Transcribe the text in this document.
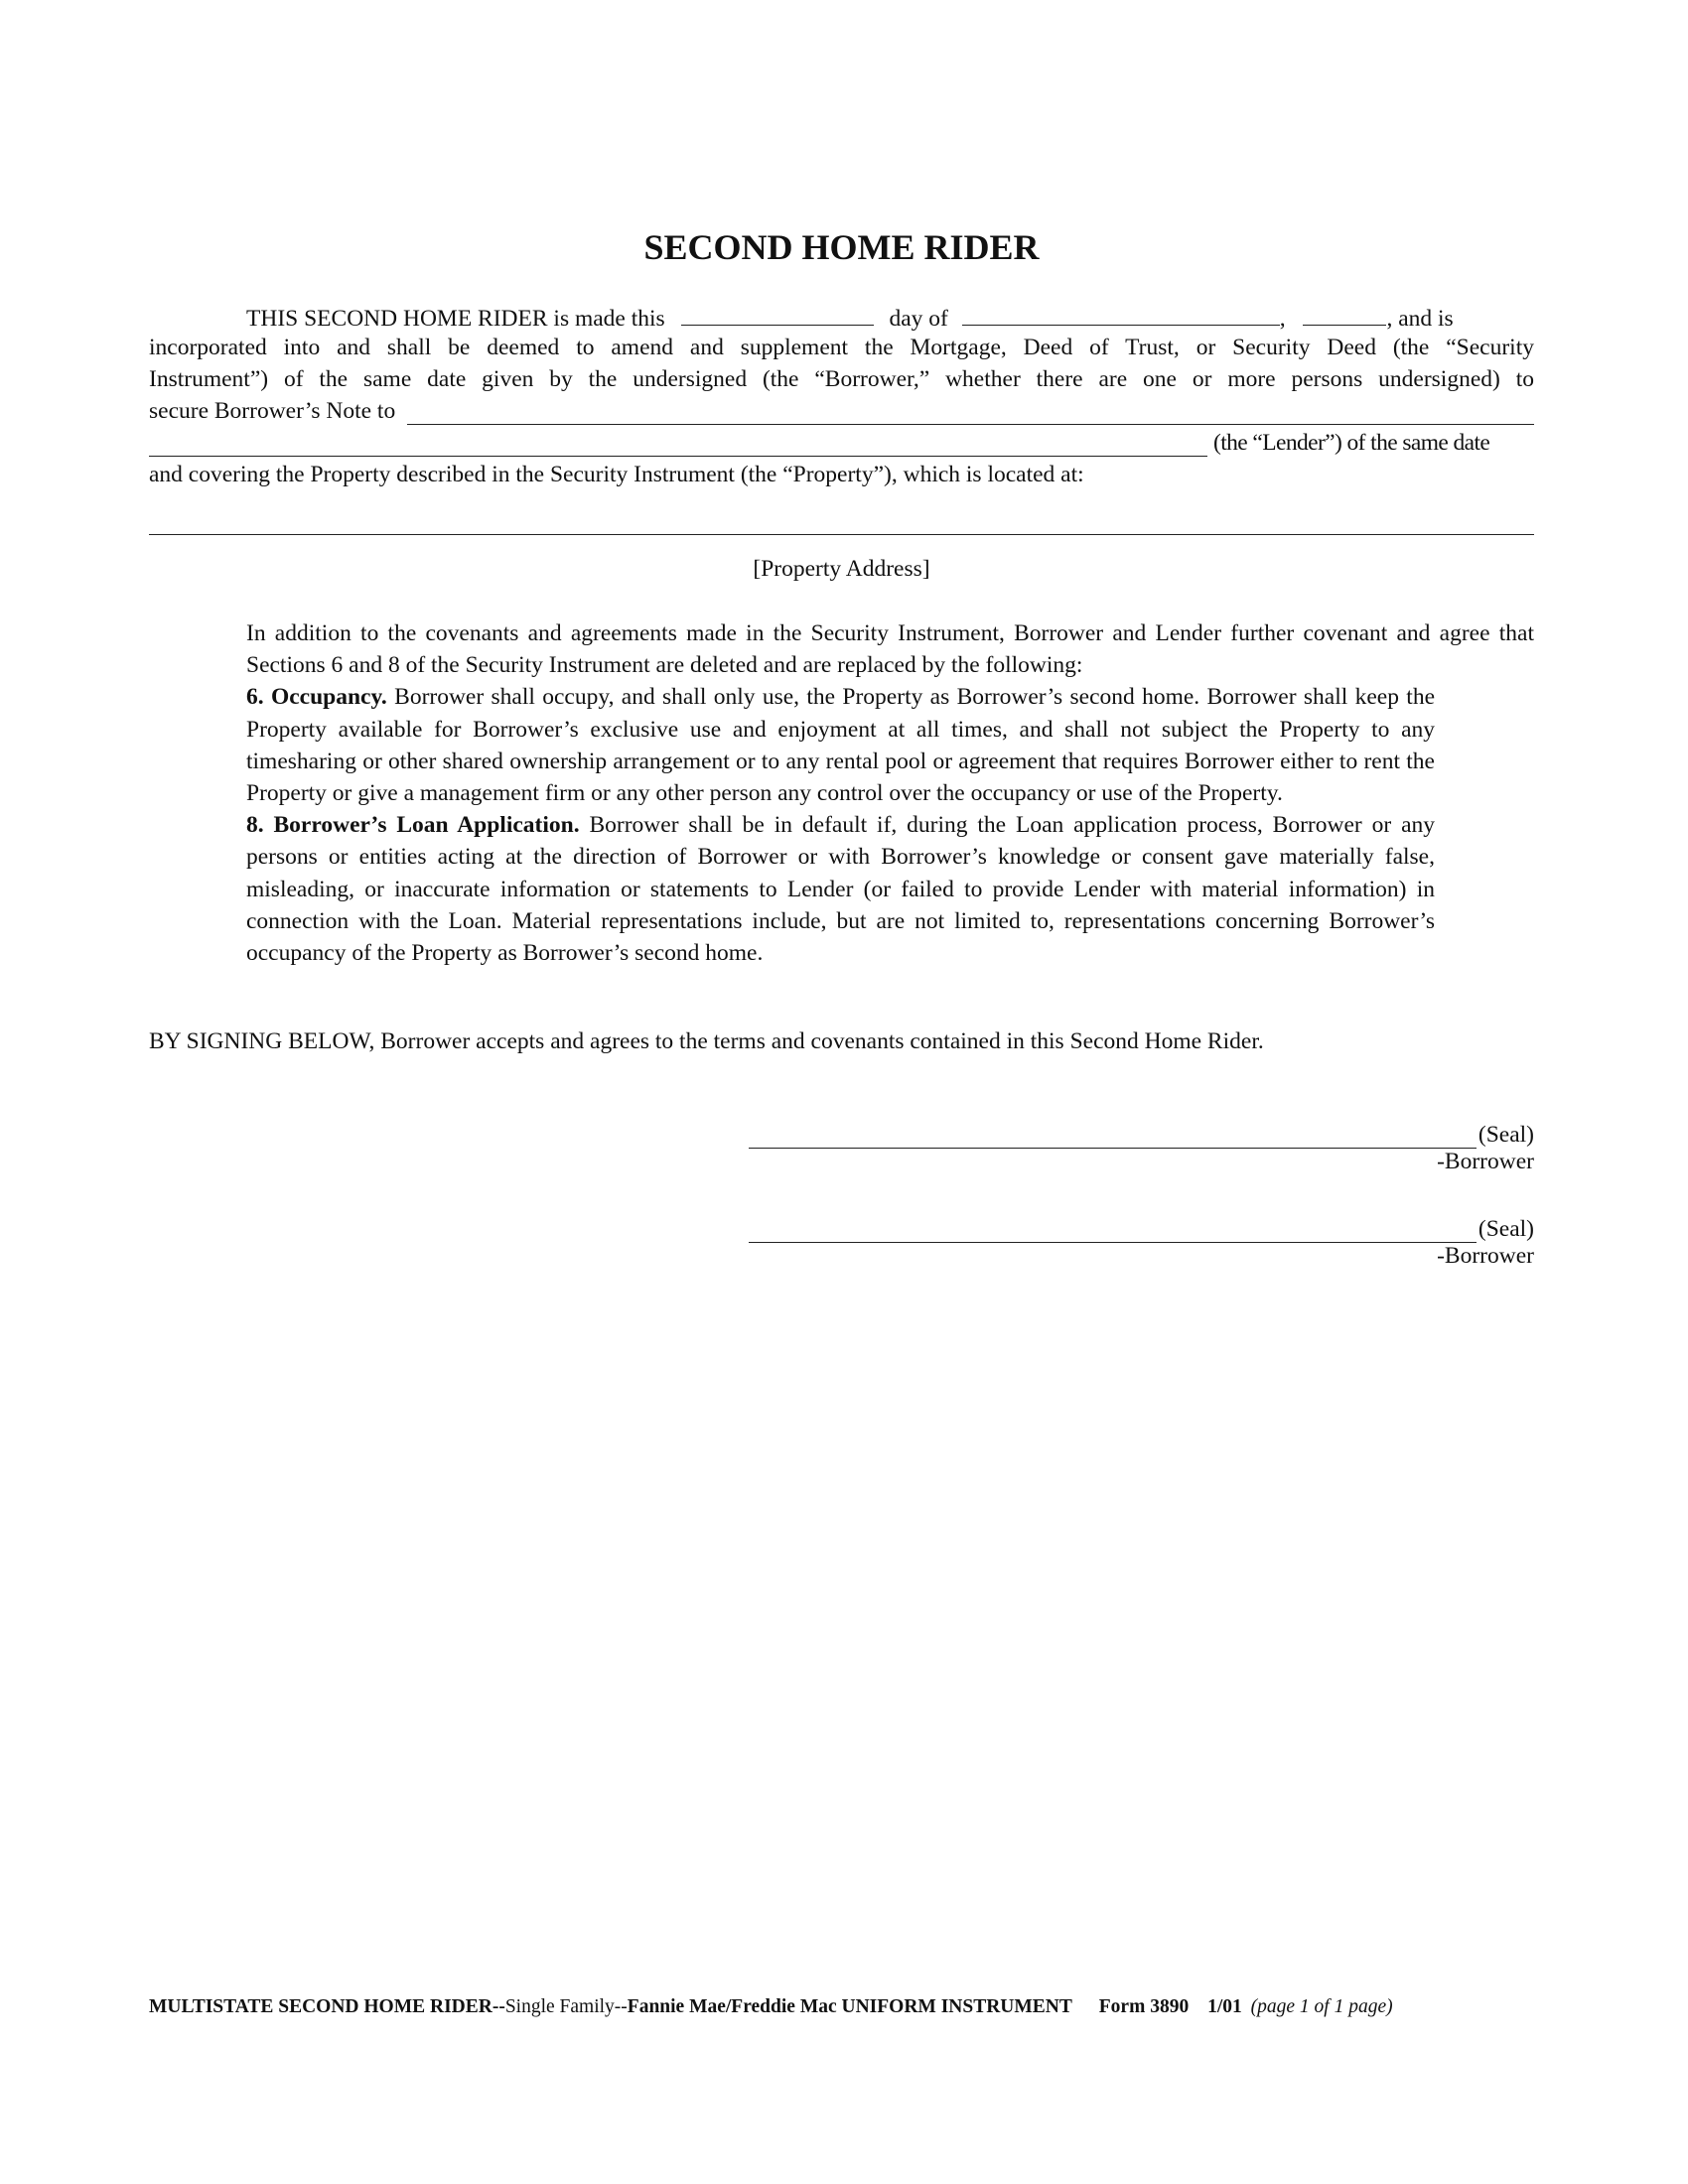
SECOND HOME RIDER
THIS SECOND HOME RIDER is made this	day of	,	, and is
incorporated into and shall be deemed to amend and supplement the Mortgage, Deed of Trust, or Security Deed (the “Security
Instrument”) of the same date given by the undersigned (the “Borrower,” whether there are one or more persons undersigned) to
secure Borrower’s Note to
(the “Lender”) of the same date
and covering the Property described in the Security Instrument (the “Property”), which is located at:
[Property Address]

In addition to the covenants and agreements made in the Security Instrument, Borrower and Lender further covenant and agree that Sections 6 and 8 of the Security Instrument are deleted and are replaced by the following:

6. Occupancy. Borrower shall occupy, and shall only use, the Property as Borrower’s second home. Borrower shall keep the Property available for Borrower’s exclusive use and enjoyment at all times, and shall not subject the Property to any timesharing or other shared ownership arrangement or to any rental pool or agreement that requires Borrower either to rent the Property or give a management firm or any other person any control over the occupancy or use of the Property.

8. Borrower’s Loan Application. Borrower shall be in default if, during the Loan application process, Borrower or any persons or entities acting at the direction of Borrower or with Borrower’s knowledge or consent gave materially false, misleading, or inaccurate information or statements to Lender (or failed to provide Lender with material information) in connection with the Loan. Material representations include, but are not limited to, representations concerning Borrower’s occupancy of the Property as Borrower’s second home.

BY SIGNING BELOW, Borrower accepts and agrees to the terms and covenants contained in this Second Home Rider.
(Seal)
-Borrower
(Seal)
-Borrower
MULTISTATE SECOND HOME RIDER--Single Family--Fannie Mae/Freddie Mac UNIFORM INSTRUMENT Form 3890 1/01 (page 1 of 1 page)
